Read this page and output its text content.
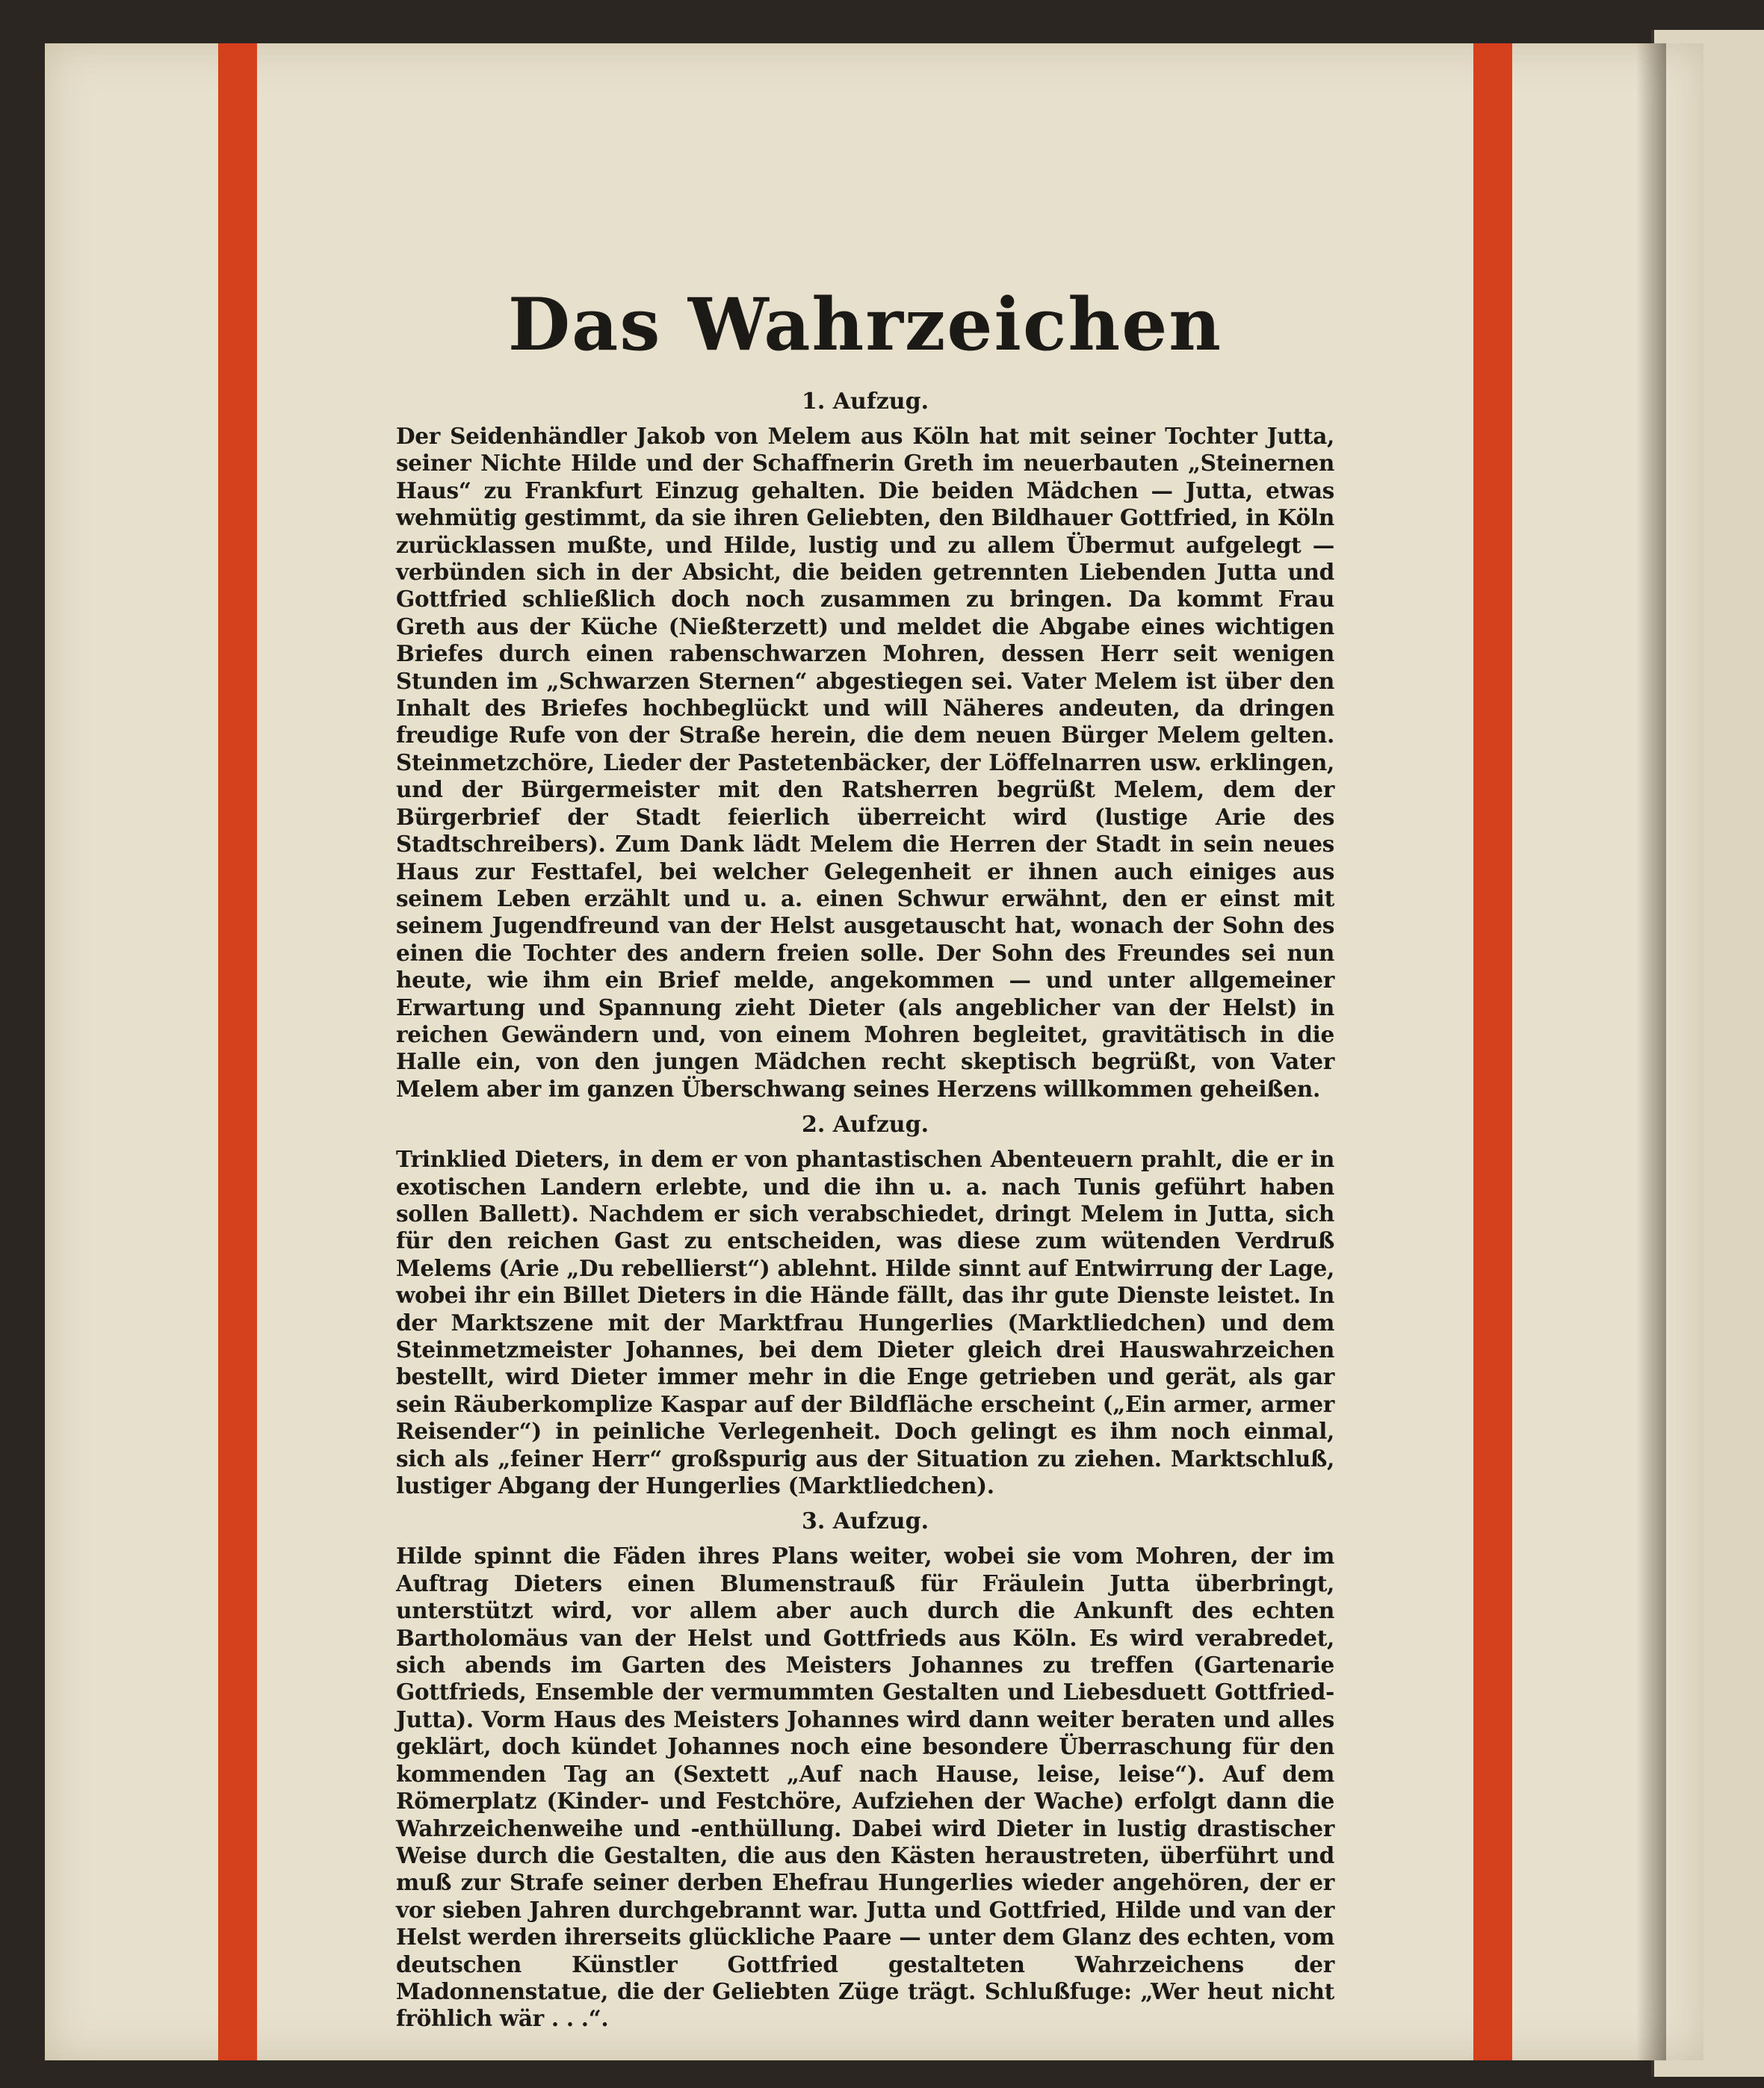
Das Wahrzeichen
1. Aufzug.

Der Seidenhändler Jakob von Melem aus Köln hat mit seiner Tochter Jutta, seiner Nichte Hilde und der Schaffnerin Greth im neuerbauten „Steinernen Haus“ zu Frankfurt Einzug gehalten. Die beiden Mädchen — Jutta, etwas wehmütig gestimmt, da sie ihren Geliebten, den Bildhauer Gottfried, in Köln zurücklassen mußte, und Hilde, lustig und zu allem Übermut aufgelegt — verbünden sich in der Absicht, die beiden getrennten Liebenden Jutta und Gottfried schließlich doch noch zusammen zu bringen. Da kommt Frau Greth aus der Küche (Nießterzett) und meldet die Abgabe eines wichtigen Briefes durch einen rabenschwarzen Mohren, dessen Herr seit wenigen Stunden im „Schwarzen Sternen“ abgestiegen sei. Vater Melem ist über den Inhalt des Briefes hochbeglückt und will Näheres andeuten, da dringen freudige Rufe von der Straße herein, die dem neuen Bürger Melem gelten. Steinmetzchöre, Lieder der Pastetenbäcker, der Löffelnarren usw. erklingen, und der Bürgermeister mit den Ratsherren begrüßt Melem, dem der Bürgerbrief der Stadt feierlich überreicht wird (lustige Arie des Stadtschreibers). Zum Dank lädt Melem die Herren der Stadt in sein neues Haus zur Festtafel, bei welcher Gelegenheit er ihnen auch einiges aus seinem Leben erzählt und u. a. einen Schwur erwähnt, den er einst mit seinem Jugendfreund van der Helst ausgetauscht hat, wonach der Sohn des einen die Tochter des andern freien solle. Der Sohn des Freundes sei nun heute, wie ihm ein Brief melde, angekommen — und unter allgemeiner Erwartung und Spannung zieht Dieter (als angeblicher van der Helst) in reichen Gewändern und, von einem Mohren begleitet, gravitätisch in die Halle ein, von den jungen Mädchen recht skeptisch begrüßt, von Vater Melem aber im ganzen Überschwang seines Herzens willkommen geheißen.

2. Aufzug.

Trinklied Dieters, in dem er von phantastischen Abenteuern prahlt, die er in exotischen Landern erlebte, und die ihn u. a. nach Tunis geführt haben sollen Ballett). Nachdem er sich verabschiedet, dringt Melem in Jutta, sich für den reichen Gast zu entscheiden, was diese zum wütenden Verdruß Melems (Arie „Du rebellierst“) ablehnt. Hilde sinnt auf Entwirrung der Lage, wobei ihr ein Billet Dieters in die Hände fällt, das ihr gute Dienste leistet. In der Marktszene mit der Marktfrau Hungerlies (Marktliedchen) und dem Steinmetzmeister Johannes, bei dem Dieter gleich drei Hauswahrzeichen bestellt, wird Dieter immer mehr in die Enge getrieben und gerät, als gar sein Räuberkomplize Kaspar auf der Bildfläche erscheint („Ein armer, armer Reisender“) in peinliche Verlegenheit. Doch gelingt es ihm noch einmal, sich als „feiner Herr“ großspurig aus der Situation zu ziehen. Marktschluß, lustiger Abgang der Hungerlies (Marktliedchen).

3. Aufzug.

Hilde spinnt die Fäden ihres Plans weiter, wobei sie vom Mohren, der im Auftrag Dieters einen Blumenstrauß für Fräulein Jutta überbringt, unterstützt wird, vor allem aber auch durch die Ankunft des echten Bartholomäus van der Helst und Gottfrieds aus Köln. Es wird verabredet, sich abends im Garten des Meisters Johannes zu treffen (Gartenarie Gottfrieds, Ensemble der vermummten Gestalten und Liebesduett Gottfried-Jutta). Vorm Haus des Meisters Johannes wird dann weiter beraten und alles geklärt, doch kündet Johannes noch eine besondere Überraschung für den kommenden Tag an (Sextett „Auf nach Hause, leise, leise“). Auf dem Römerplatz (Kinder- und Festchöre, Aufziehen der Wache) erfolgt dann die Wahrzeichenweihe und -enthüllung. Dabei wird Dieter in lustig drastischer Weise durch die Gestalten, die aus den Kästen heraustreten, überführt und muß zur Strafe seiner derben Ehefrau Hungerlies wieder angehören, der er vor sieben Jahren durchgebrannt war. Jutta und Gottfried, Hilde und van der Helst werden ihrerseits glückliche Paare — unter dem Glanz des echten, vom deutschen Künstler Gottfried gestalteten Wahrzeichens der Madonnenstatue, die der Geliebten Züge trägt. Schlußfuge: „Wer heut nicht fröhlich wär . . .“.
